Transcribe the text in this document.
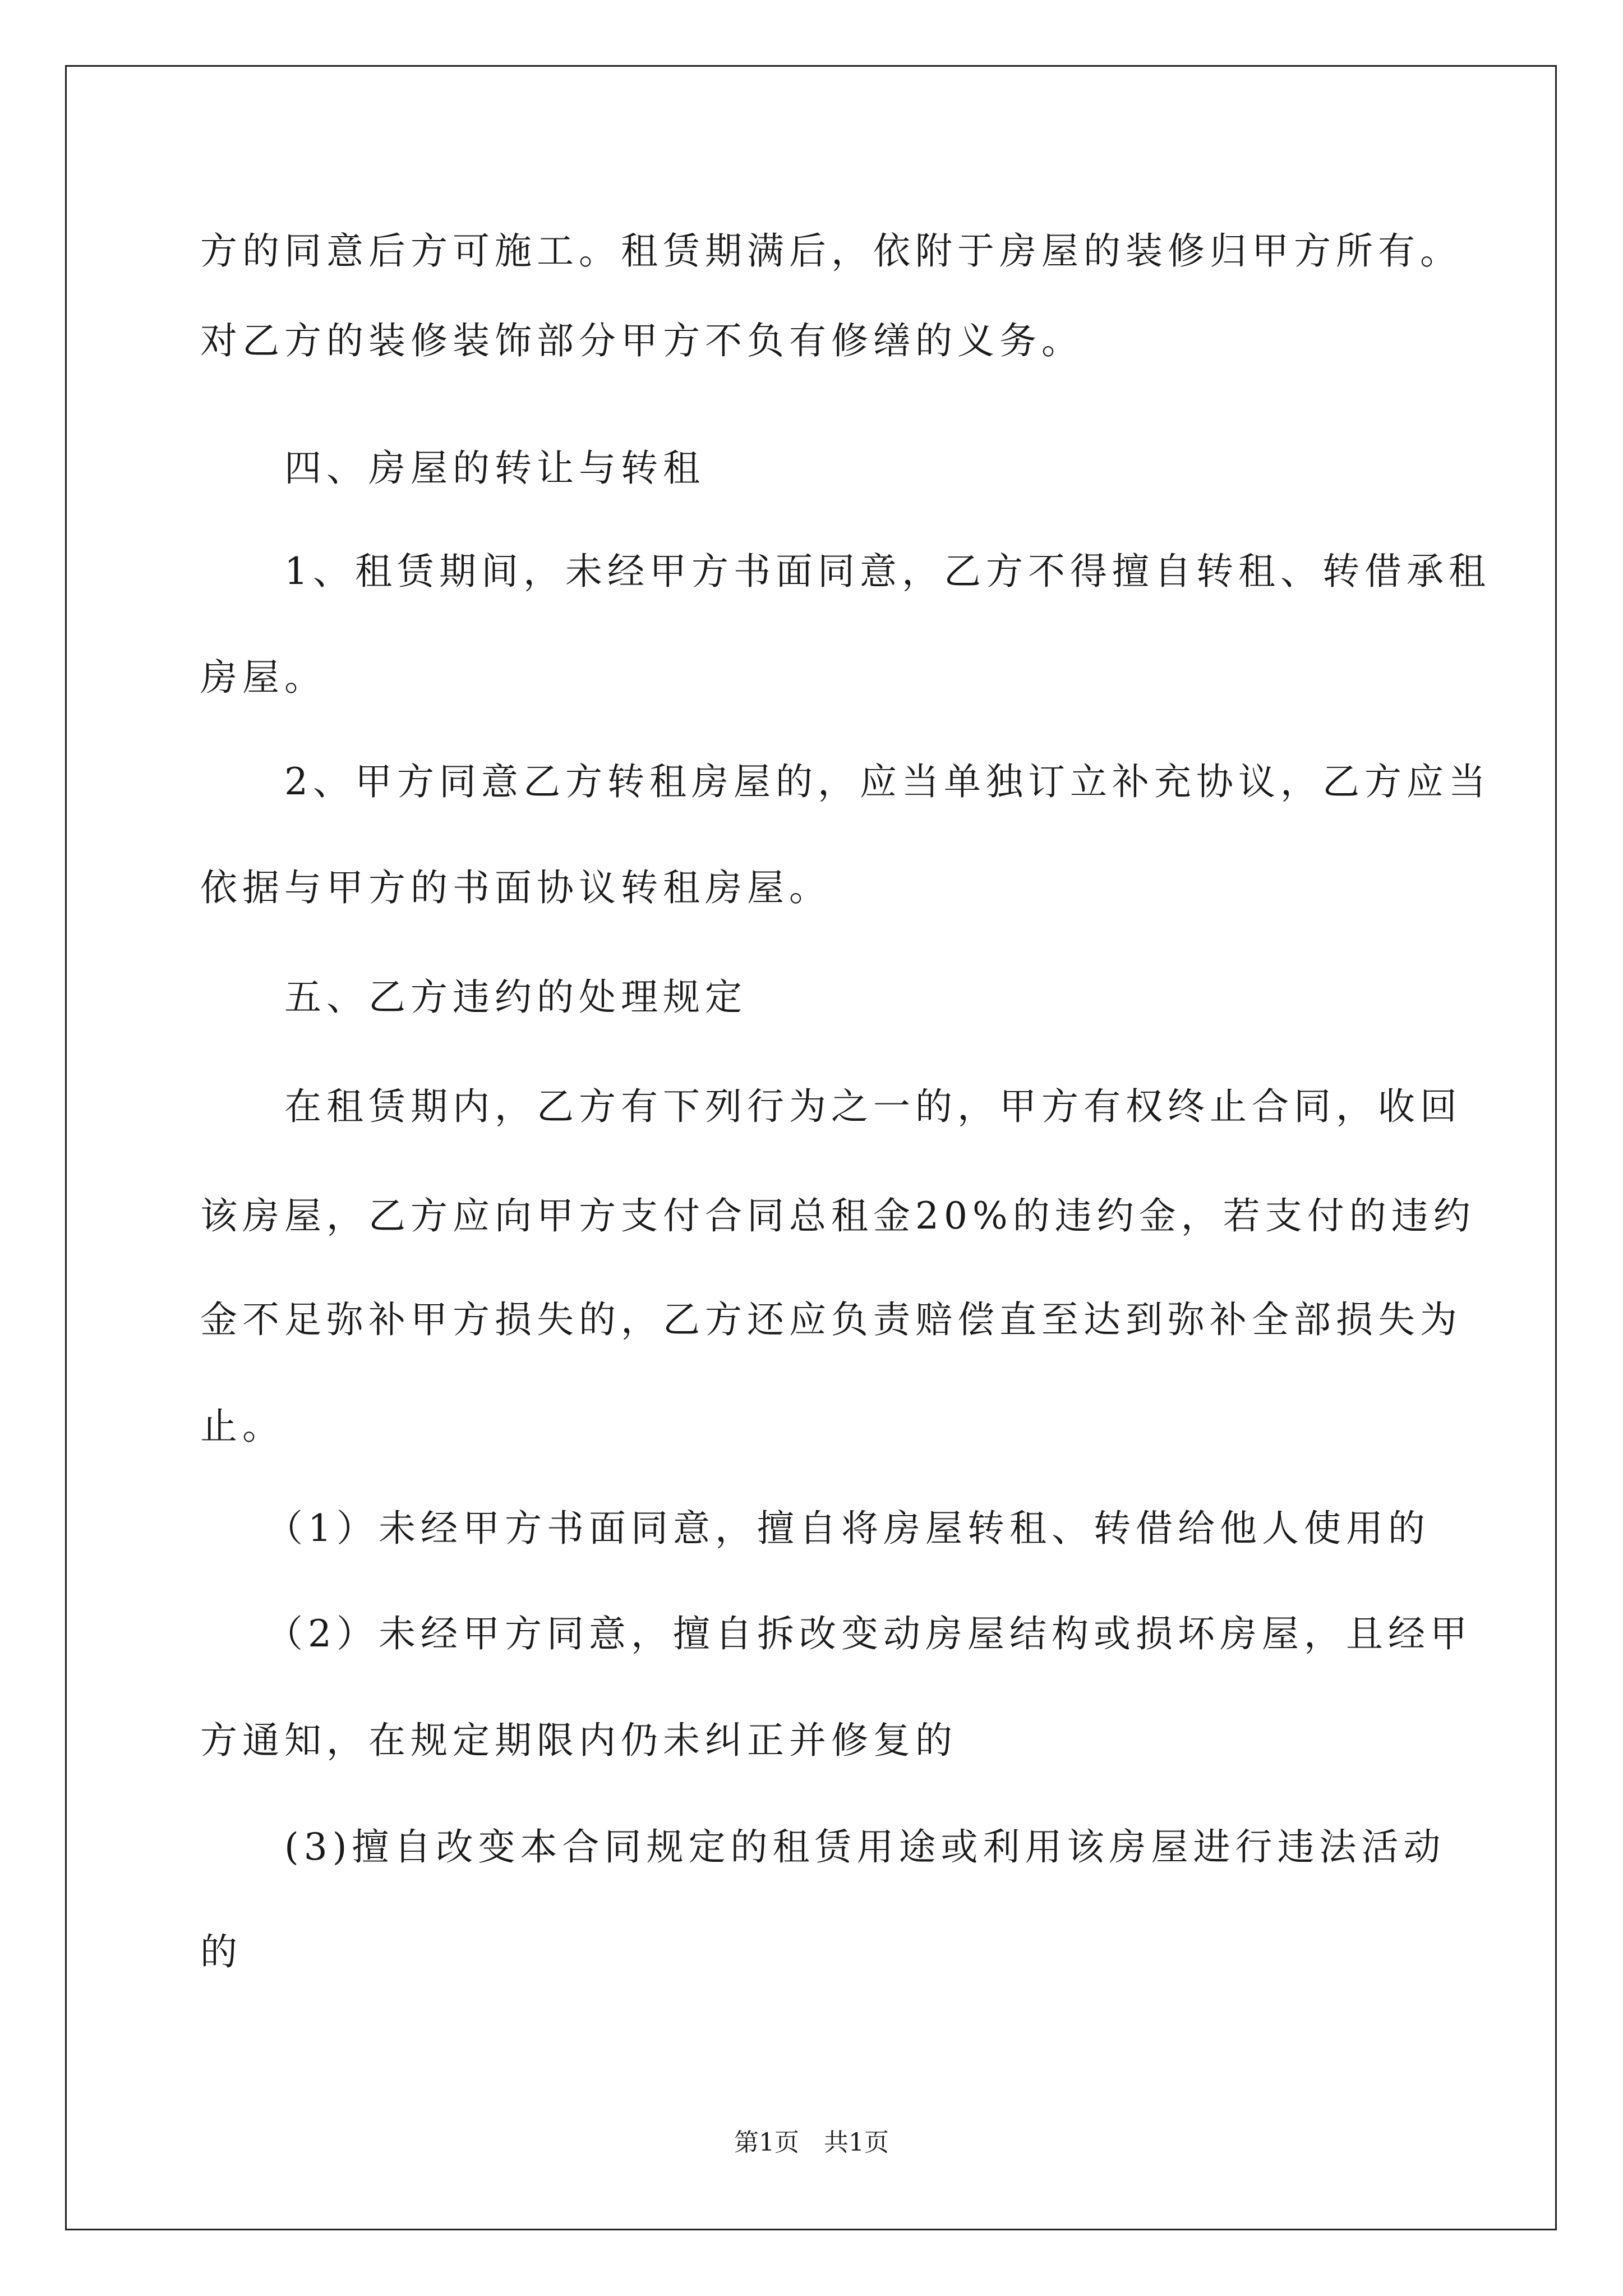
方的同意后方可施工。租赁期满后，依附于房屋的装修归甲方所有。
对乙方的装修装饰部分甲方不负有修缮的义务。
　　四、房屋的转让与转租
　　1、租赁期间，未经甲方书面同意，乙方不得擅自转租、转借承租
房屋。
　　2、甲方同意乙方转租房屋的，应当单独订立补充协议，乙方应当
依据与甲方的书面协议转租房屋。
　　五、乙方违约的处理规定
　　在租赁期内，乙方有下列行为之一的，甲方有权终止合同，收回
该房屋，乙方应向甲方支付合同总租金20%的违约金，若支付的违约
金不足弥补甲方损失的，乙方还应负责赔偿直至达到弥补全部损失为
止。
　　（1）未经甲方书面同意，擅自将房屋转租、转借给他人使用的
　　（2）未经甲方同意，擅自拆改变动房屋结构或损坏房屋，且经甲
方通知，在规定期限内仍未纠正并修复的
　　(3)擅自改变本合同规定的租赁用途或利用该房屋进行违法活动
的
第1页　共1页
